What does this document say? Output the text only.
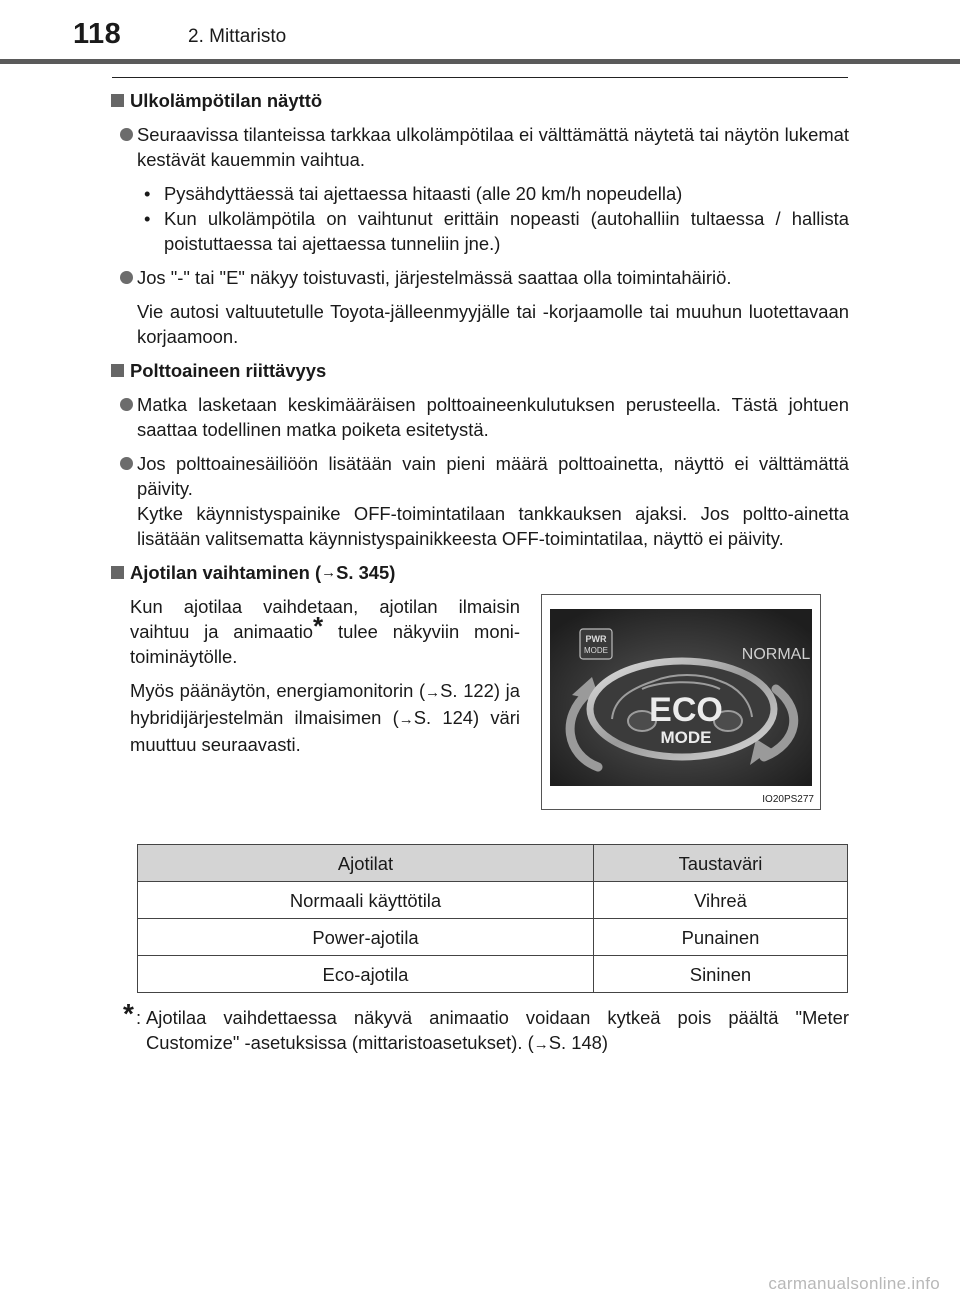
118	2. Mittaristo
Ulkolämpötilan näyttö
Seuraavissa tilanteissa tarkkaa ulkolämpötilaa ei välttämättä näytetä tai näytön lukemat kestävät kauemmin vaihtua.
• Pysähdyttäessä tai ajettaessa hitaasti (alle 20 km/h nopeudella)
• Kun ulkolämpötila on vaihtunut erittäin nopeasti (autohalliin tultaessa / hallista poistuttaessa tai ajettaessa tunneliin jne.)
Jos "-" tai "E" näkyy toistuvasti, järjestelmässä saattaa olla toimintahäiriö.
Vie autosi valtuutetulle Toyota-jälleenmyyjälle tai -korjaamolle tai muuhun luotettavaan korjaamoon.
Polttoaineen riittävyys
Matka lasketaan keskimääräisen polttoaineenkulutuksen perusteella. Tästä johtuen saattaa todellinen matka poiketa esitetystä.
Jos polttoainesäiliöön lisätään vain pieni määrä polttoainetta, näyttö ei välttämättä päivity.
Kytke käynnistyspainike OFF-toimintatilaan tankkauksen ajaksi. Jos poltto-ainetta lisätään valitsematta käynnistyspainikkeesta OFF-toimintatilaa, näyttö ei päivity.
Ajotilan vaihtaminen ( → S. 345)

Kun ajotilaa vaihdetaan, ajotilan ilmaisin vaihtuu ja animaatio* tulee näkyviin moni-toiminäytölle.

Myös päänäytön, energiamonitorin (→S. 122) ja hybridijärjestelmän ilmaisimen (→S. 124) väri muuttuu seuraavasti.

PWR
MODE	NORMAL
ECO
MODE
IO20PS277
Ajotilat	Taustaväri
Normaali käyttötila	Vihreä
Power-ajotila	Punainen
Eco-ajotila	Sininen
* : Ajotilaa vaihdettaessa näkyvä animaatio voidaan kytkeä pois päältä "Meter Customize" -asetuksissa (mittaristoasetukset). (→S. 148)
carmanualsonline.info
